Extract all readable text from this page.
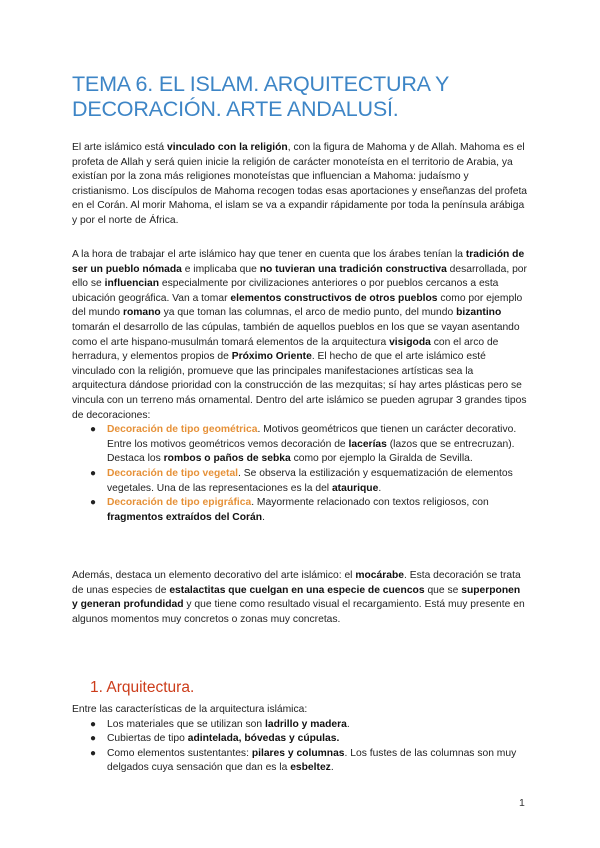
TEMA 6. EL ISLAM. ARQUITECTURA Y DECORACIÓN. ARTE ANDALUSÍ.

El arte islámico está vinculado con la religión, con la figura de Mahoma y de Allah. Mahoma es el profeta de Allah y será quien inicie la religión de carácter monoteísta en el territorio de Arabia, ya existían por la zona más religiones monoteístas que influencian a Mahoma: judaísmo y cristianismo. Los discípulos de Mahoma recogen todas esas aportaciones y enseñanzas del profeta en el Corán. Al morir Mahoma, el islam se va a expandir rápidamente por toda la península arábiga y por el norte de África.

A la hora de trabajar el arte islámico hay que tener en cuenta que los árabes tenían la tradición de ser un pueblo nómada e implicaba que no tuvieran una tradición constructiva desarrollada, por ello se influencian especialmente por civilizaciones anteriores o por pueblos cercanos a esta ubicación geográfica. Van a tomar elementos constructivos de otros pueblos como por ejemplo del mundo romano ya que toman las columnas, el arco de medio punto, del mundo bizantino tomarán el desarrollo de las cúpulas, también de aquellos pueblos en los que se vayan asentando como el arte hispano-musulmán tomará elementos de la arquitectura visigoda con el arco de herradura, y elementos propios de Próximo Oriente. El hecho de que el arte islámico esté vinculado con la religión, promueve que las principales manifestaciones artísticas sea la arquitectura dándose prioridad con la construcción de las mezquitas; sí hay artes plásticas pero se vincula con un terreno más ornamental. Dentro del arte islámico se pueden agrupar 3 grandes tipos de decoraciones:

● Decoración de tipo geométrica. Motivos geométricos que tienen un carácter decorativo. Entre los motivos geométricos vemos decoración de lacerías (lazos que se entrecruzan). Destaca los rombos o paños de sebka como por ejemplo la Giralda de Sevilla.
● Decoración de tipo vegetal. Se observa la estilización y esquematización de elementos vegetales. Una de las representaciones es la del ataurique.
● Decoración de tipo epigráfica. Mayormente relacionado con textos religiosos, con fragmentos extraídos del Corán.

Además, destaca un elemento decorativo del arte islámico: el mocárabe. Esta decoración se trata de unas especies de estalactitas que cuelgan en una especie de cuencos que se superponen y generan profundidad y que tiene como resultado visual el recargamiento. Está muy presente en algunos momentos muy concretos o zonas muy concretas.

1. Arquitectura.

Entre las características de la arquitectura islámica:

● Los materiales que se utilizan son ladrillo y madera.
● Cubiertas de tipo adintelada, bóvedas y cúpulas.
● Como elementos sustentantes: pilares y columnas. Los fustes de las columnas son muy delgados cuya sensación que dan es la esbeltez.
1
